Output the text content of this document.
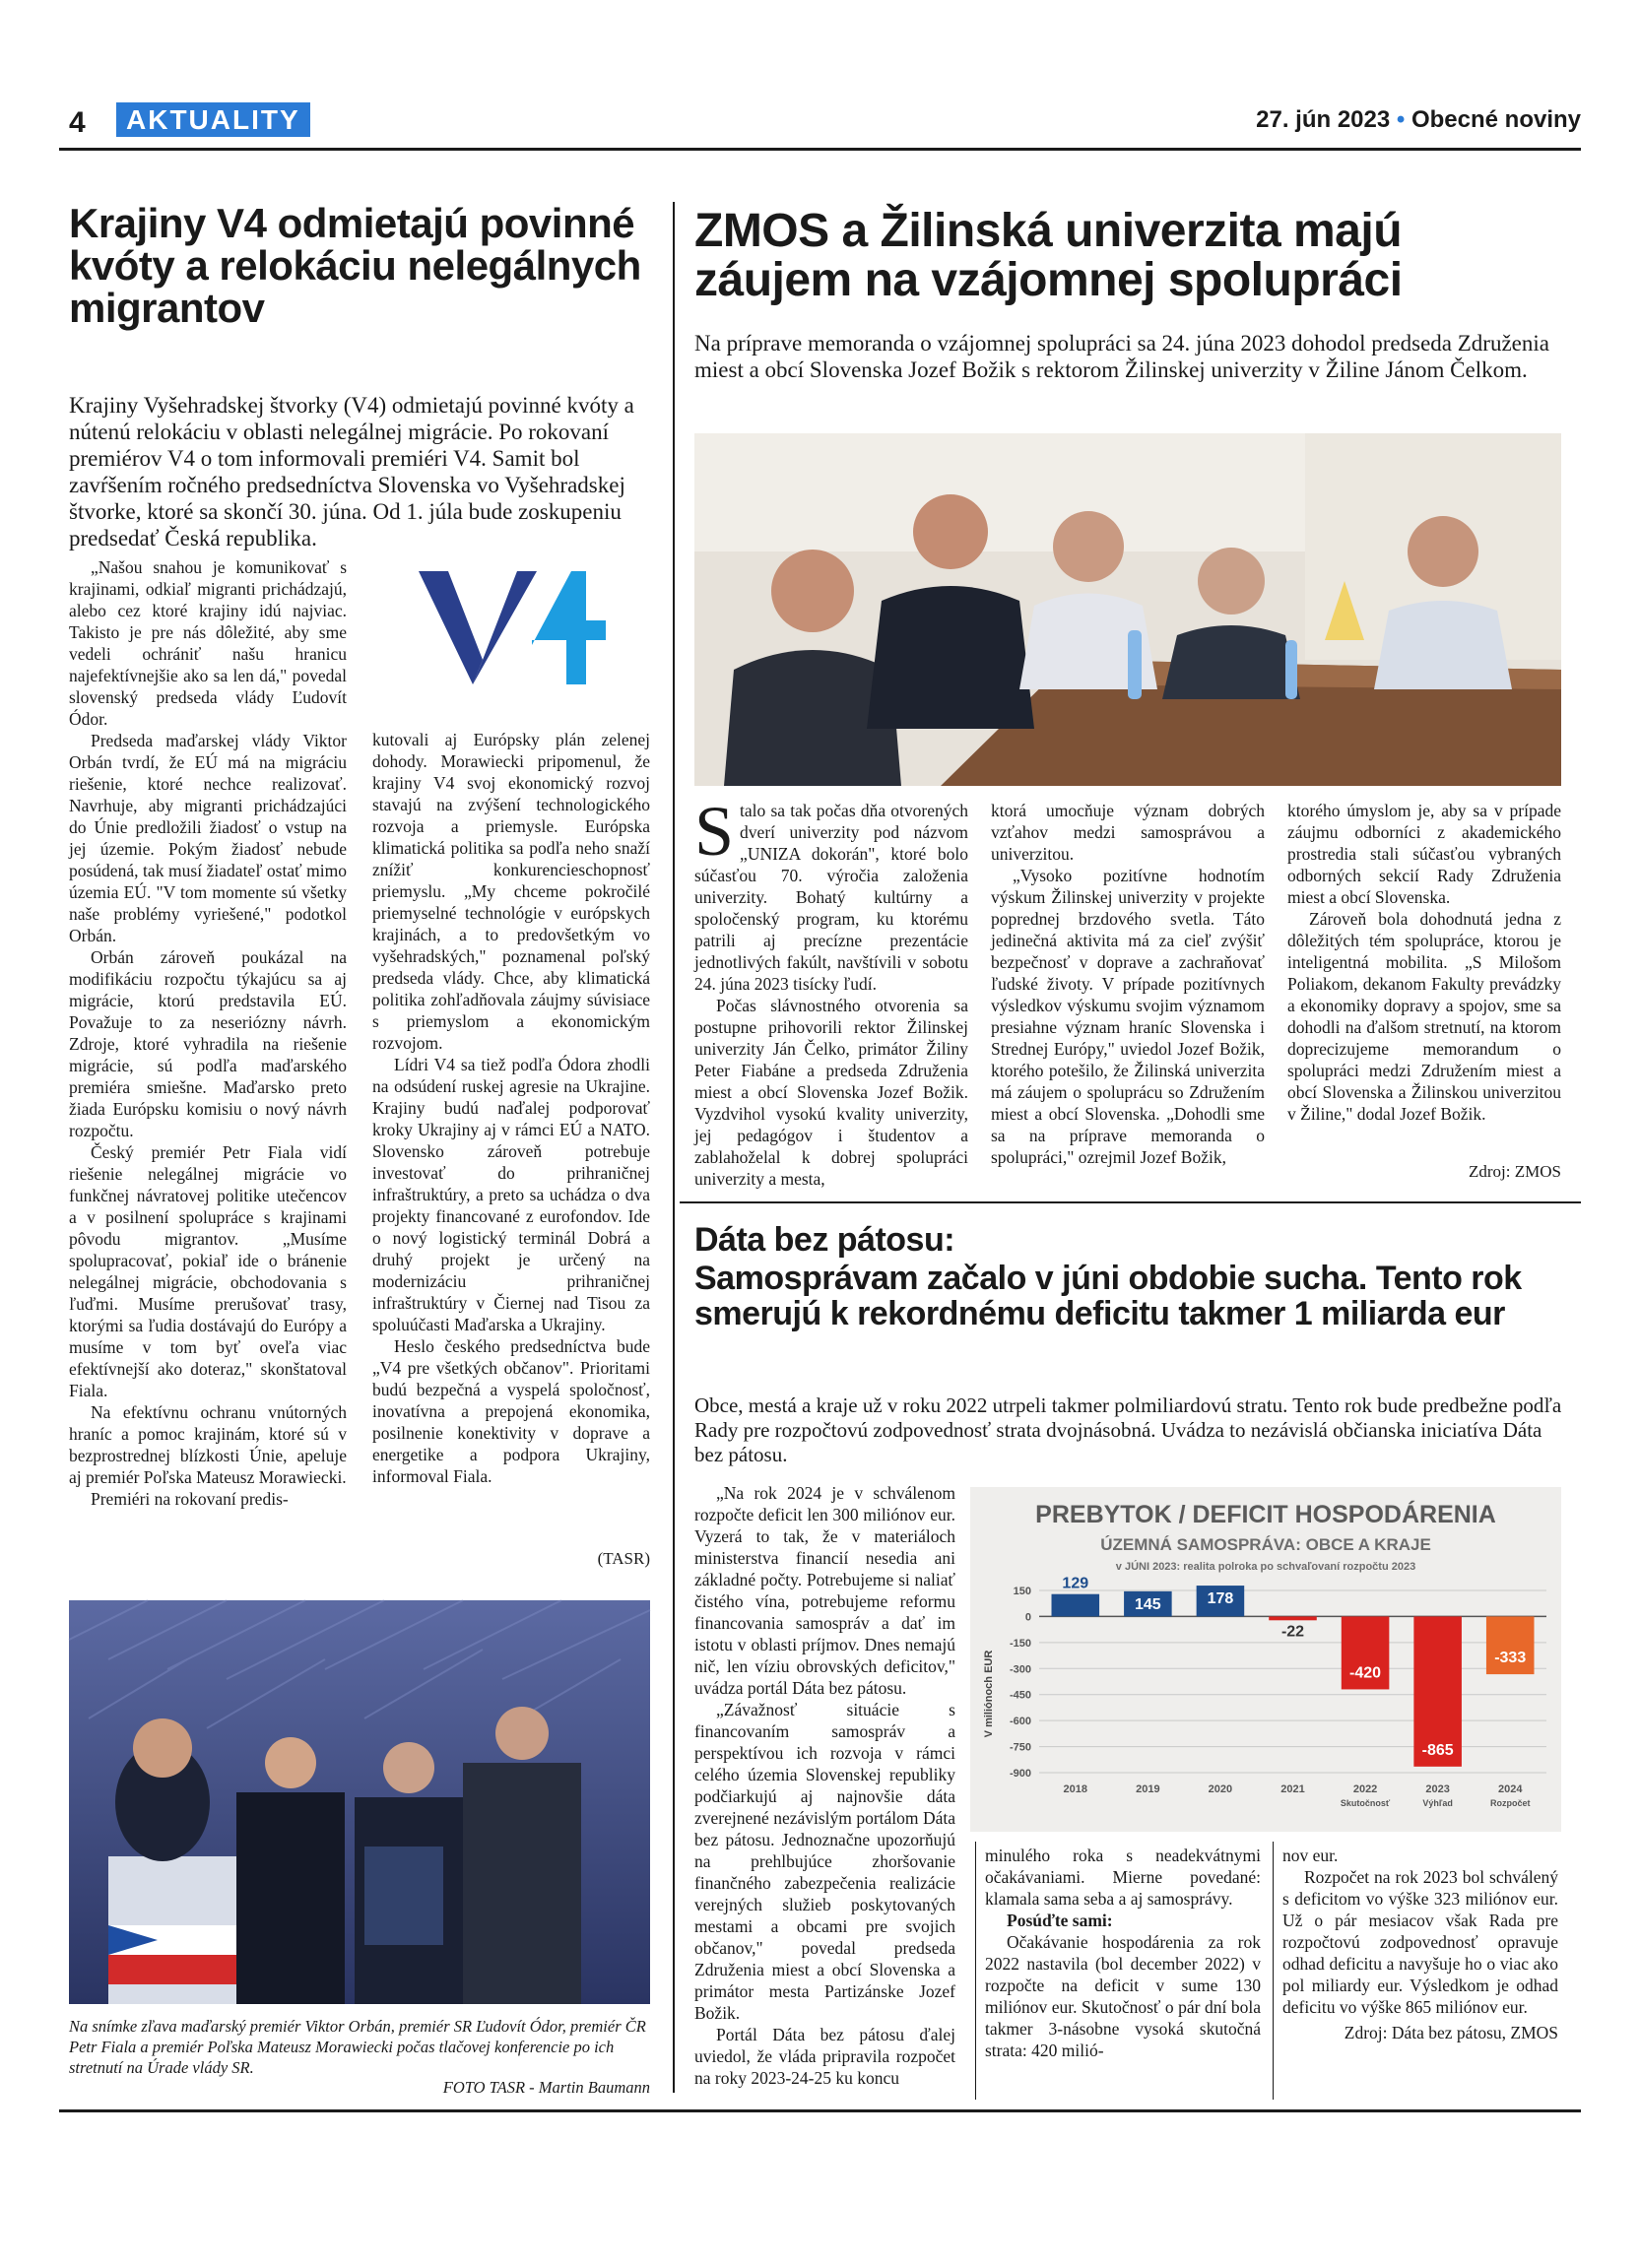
4	AKTUALITY	27. jún 2023 • Obecné noviny
Krajiny V4 odmietajú povinné kvóty a relokáciu nelegálnych migrantov

Krajiny Vyšehradskej štvorky (V4) odmietajú povinné kvóty a nútenú relokáciu v oblasti nelegálnej migrácie. Po rokovaní premiérov V4 o tom informovali premiéri V4. Samit bol zavŕšením ročného predsedníctva Slovenska vo Vyšehradskej štvorke, ktoré sa skončí 30. júna. Od 1. júla bude zoskupeniu predsedať Česká republika.

„Našou snahou je komunikovať s krajinami, odkiaľ migranti prichádzajú, alebo cez ktoré krajiny idú najviac. Takisto je pre nás dôležité, aby sme vedeli ochrániť našu hranicu najefektívnejšie ako sa len dá," povedal slovenský predseda vlády Ľudovít Ódor.

Predseda maďarskej vlády Viktor Orbán tvrdí, že EÚ má na migráciu riešenie, ktoré nechce realizovať. Navrhuje, aby migranti prichádzajúci do Únie predložili žiadosť o vstup na jej územie. Pokým žiadosť nebude posúdená, tak musí žiadateľ ostať mimo územia EÚ. "V tom momente sú všetky naše problémy vyriešené," podotkol Orbán.

Orbán zároveň poukázal na modifikáciu rozpočtu týkajúcu sa aj migrácie, ktorú predstavila EÚ. Považuje to za neseriózny návrh. Zdroje, ktoré vyhradila na riešenie migrácie, sú podľa maďarského premiéra smiešne. Maďarsko preto žiada Európsku komisiu o nový návrh rozpočtu.

Český premiér Petr Fiala vidí riešenie nelegálnej migrácie vo funkčnej návratovej politike utečencov a v posilnení spolupráce s krajinami pôvodu migrantov. „Musíme spolupracovať, pokiaľ ide o bránenie nelegálnej migrácie, obchodovania s ľuďmi. Musíme prerušovať trasy, ktorými sa ľudia dostávajú do Európy a musíme v tom byť oveľa viac efektívnejší ako doteraz," skonštatoval Fiala.

Na efektívnu ochranu vnútorných hraníc a pomoc krajinám, ktoré sú v bezprostrednej blízkosti Únie, apeluje aj premiér Poľska Mateusz Morawiecki.

Premiéri na rokovaní predis-

V4

kutovali aj Európsky plán zelenej dohody. Morawiecki pripomenul, že krajiny V4 svoj ekonomický rozvoj stavajú na zvýšení technologického rozvoja a priemysle. Európska klimatická politika sa podľa neho snaží znížiť konkurencieschopnosť priemyslu. „My chceme pokročilé priemyselné technológie v európskych krajinách, a to predovšetkým vo vyšehradských," poznamenal poľský predseda vlády. Chce, aby klimatická politika zohľadňovala záujmy súvisiace s priemyslom a ekonomickým rozvojom.

Lídri V4 sa tiež podľa Ódora zhodli na odsúdení ruskej agresie na Ukrajine. Krajiny budú naďalej podporovať kroky Ukrajiny aj v rámci EÚ a NATO. Slovensko zároveň potrebuje investovať do prihraničnej infraštruktúry, a preto sa uchádza o dva projekty financované z eurofondov. Ide o nový logistický terminál Dobrá a druhý projekt je určený na modernizáciu prihraničnej infraštruktúry v Čiernej nad Tisou za spoluúčasti Maďarska a Ukrajiny.

Heslo českého predsedníctva bude „V4 pre všetkých občanov". Prioritami budú bezpečná a vyspelá spoločnosť, inovatívna a prepojená ekonomika, posilnenie konektivity v doprave a energetike a podpora Ukrajiny, informoval Fiala.

(TASR)

Na snímke zľava maďarský premiér Viktor Orbán, premiér SR Ľudovít Ódor, premiér ČR Petr Fiala a premiér Poľska Mateusz Morawiecki počas tlačovej konferencie po ich stretnutí na Úrade vlády SR.

FOTO TASR - Martin Baumann
ZMOS a Žilinská univerzita majú záujem na vzájomnej spolupráci

Na príprave memoranda o vzájomnej spolupráci sa 24. júna 2023 dohodol predseda Združenia miest a obcí Slovenska Jozef Božik s rektorom Žilinskej univerzity v Žiline Jánom Čelkom.

Stalo sa tak počas dňa otvorených dverí univerzity pod názvom „UNIZA dokorán", ktoré bolo súčasťou 70. výročia založenia univerzity. Bohatý kultúrny a spoločenský program, ku ktorému patrili aj precízne prezentácie jednotlivých fakúlt, navštívili v sobotu 24. júna 2023 tisícky ľudí.

Počas slávnostného otvorenia sa postupne prihovorili rektor Žilinskej univerzity Ján Čelko, primátor Žiliny Peter Fiabáne a predseda Združenia miest a obcí Slovenska Jozef Božik. Vyzdvihol vysokú kvality univerzity, jej pedagógov i študentov a zablahoželal k dobrej spolupráci univerzity a mesta,

ktorá umocňuje význam dobrých vzťahov medzi samosprávou a univerzitou.

„Vysoko pozitívne hodnotím výskum Žilinskej univerzity v projekte poprednej brzdového svetla. Táto jedinečná aktivita má za cieľ zvýšiť bezpečnosť v doprave a zachraňovať ľudské životy. V prípade pozitívnych výsledkov výskumu svojim významom presiahne význam hraníc Slovenska i Strednej Európy," uviedol Jozef Božik, ktorého potešilo, že Žilinská univerzita má záujem o spoluprácu so Združením miest a obcí Slovenska. „Dohodli sme sa na príprave memoranda o spolupráci," ozrejmil Jozef Božik,

ktorého úmyslom je, aby sa v prípade záujmu odborníci z akademického prostredia stali súčasťou vybraných odborných sekcií Rady Združenia miest a obcí Slovenska.

Zároveň bola dohodnutá jedna z dôležitých tém spolupráce, ktorou je inteligentná mobilita. „S Milošom Poliakom, dekanom Fakulty prevádzky a ekonomiky dopravy a spojov, sme sa dohodli na ďalšom stretnutí, na ktorom doprecizujeme memorandum o spolupráci medzi Združením miest a obcí Slovenska a Žilinskou univerzitou v Žiline," dodal Jozef Božik.

Zdroj: ZMOS
Dáta bez pátosu:
Samosprávam začalo v júni obdobie sucha. Tento rok smerujú k rekordnému deficitu takmer 1 miliarda eur

Obce, mestá a kraje už v roku 2022 utrpeli takmer polmiliardovú stratu. Tento rok bude predbežne podľa Rady pre rozpočtovú zodpovednosť strata dvojnásobná. Uvádza to nezávislá občianska iniciatíva Dáta bez pátosu.

„Na rok 2024 je v schválenom rozpočte deficit len 300 miliónov eur. Vyzerá to tak, že v materiáloch ministerstva financií nesedia ani základné počty. Potrebujeme si naliať čistého vína, potrebujeme reformu financovania samospráv a dať im istotu v oblasti príjmov. Dnes nemajú nič, len víziu obrovských deficitov," uvádza portál Dáta bez pátosu.

„Závažnosť situácie s financovaním samospráv a perspektívou ich rozvoja v rámci celého územia Slovenskej republiky podčiarkujú aj najnovšie dáta zverejnené nezávislým portálom Dáta bez pátosu. Jednoznačne upozorňujú na prehlbujúce zhoršovanie finančného zabezpečenia realizácie verejných služieb poskytovaných mestami a obcami pre svojich občanov," povedal predseda Združenia miest a obcí Slovenska a primátor mesta Partizánske Jozef Božik.

Portál Dáta bez pátosu ďalej uviedol, že vláda pripravila rozpočet na roky 2023-24-25 ku koncu

PREBYTOK / DEFICIT HOSPODÁRENIA
ÚZEMNÁ SAMOSPRÁVA: OBCE A KRAJE
v JÚNI 2023: realita polroka po schvaľovaní rozpočtu 2023
V miliónoch EUR
150
0
-150
-300
-450
-600
-750
-900
129
2018
145
2019
178
2020
-22
2021
-420
2022
Skutočnosť
-865
2023
Výhľad
-333
2024
Rozpočet

minulého roka s neadekvátnymi očakávaniami. Mierne povedané: klamala sama seba a aj samosprávy.

Posúďte sami:

Očakávanie hospodárenia za rok 2022 nastavila (bol december 2022) v rozpočte na deficit v sume 130 miliónov eur. Skutočnosť o pár dní bola takmer 3-násobne vysoká skutočná strata: 420 milió-

nov eur.

Rozpočet na rok 2023 bol schválený s deficitom vo výške 323 miliónov eur. Už o pár mesiacov však Rada pre rozpočtovú zodpovednosť opravuje odhad deficitu a navyšuje ho o viac ako pol miliardy eur. Výsledkom je odhad deficitu vo výške 865 miliónov eur.

Zdroj: Dáta bez pátosu, ZMOS
